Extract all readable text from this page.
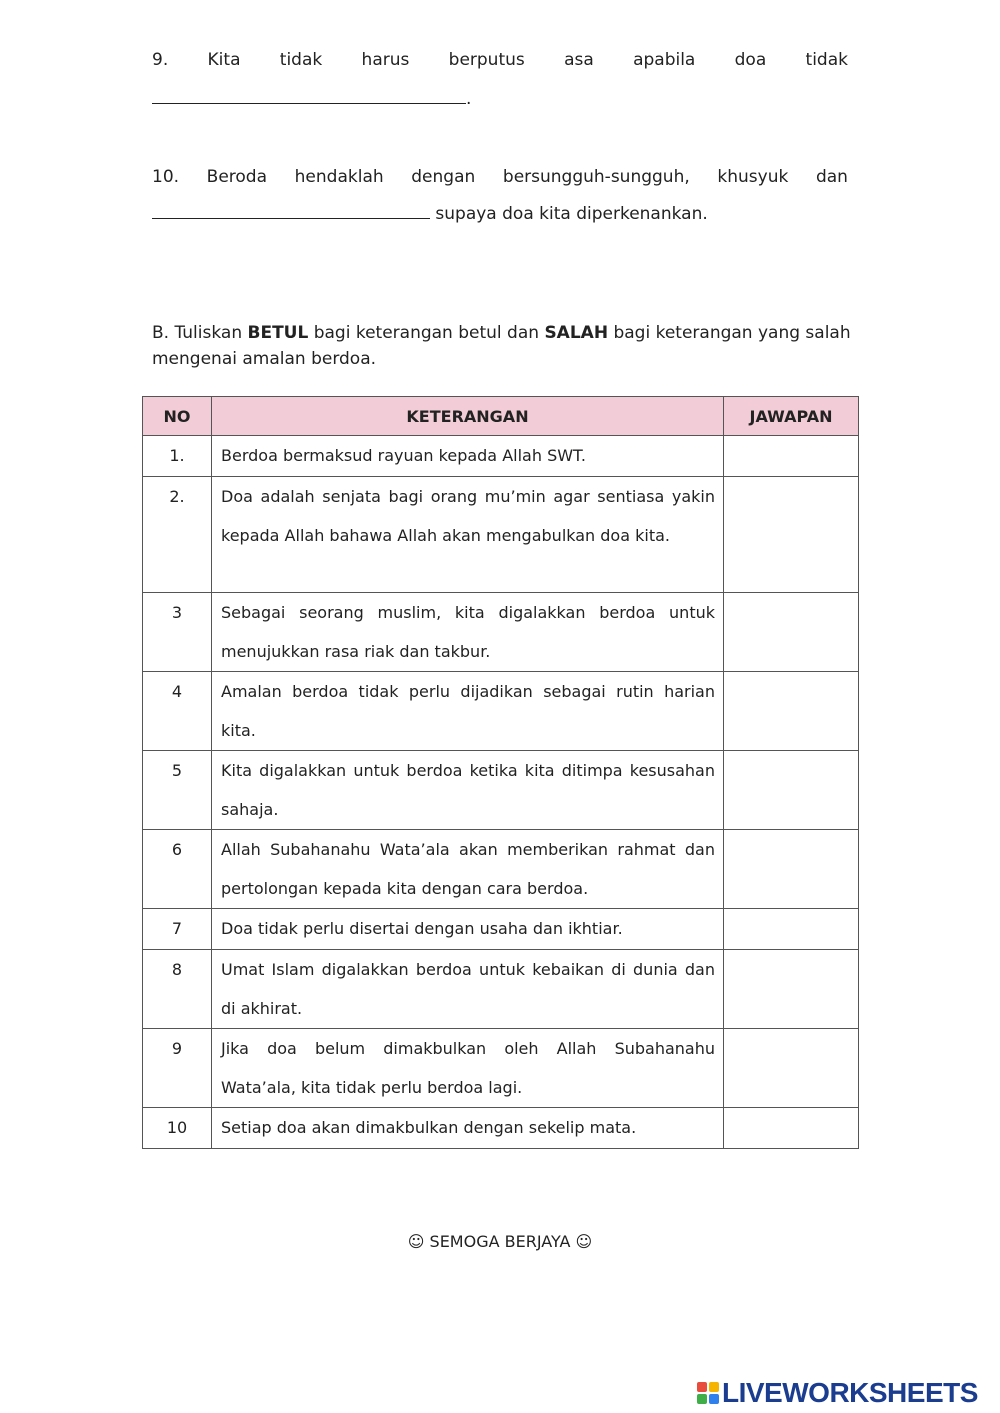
9. Kita tidak harus berputus asa apabila doa tidak
.
10. Beroda hendaklah dengan bersungguh-sungguh, khusyuk dan
supaya doa kita diperkenankan.
B. Tuliskan BETUL bagi keterangan betul dan SALAH bagi keterangan yang salah mengenai amalan berdoa.
NO	KETERANGAN	JAWAPAN
1.	Berdoa bermaksud rayuan kepada Allah SWT.	
2.	Doa adalah senjata bagi orang mu’min agar sentiasa yakin kepada Allah bahawa Allah akan mengabulkan doa kita.	
3	Sebagai seorang muslim, kita digalakkan berdoa untuk menujukkan rasa riak dan takbur.	
4	Amalan berdoa tidak perlu dijadikan sebagai rutin harian kita.	
5	Kita digalakkan untuk berdoa ketika kita ditimpa kesusahan sahaja.	
6	Allah Subahanahu Wata’ala akan memberikan rahmat dan pertolongan kepada kita dengan cara berdoa.	
7	Doa tidak perlu disertai dengan usaha dan ikhtiar.	
8	Umat Islam digalakkan berdoa untuk kebaikan di dunia dan di akhirat.	
9	Jika doa belum dimakbulkan oleh Allah Subahanahu Wata’ala, kita tidak perlu berdoa lagi.	
10	Setiap doa akan dimakbulkan dengan sekelip mata.	
☺ SEMOGA BERJAYA ☺
LIVEWORKSHEETS
